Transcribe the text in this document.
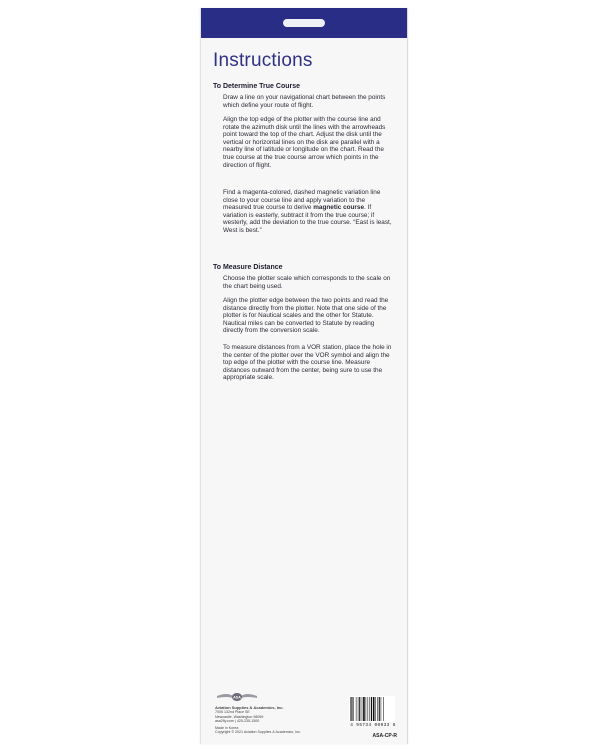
Instructions
To Determine True Course
Draw a line on your navigational chart between the points which define your route of flight.
Align the top edge of the plotter with the course line and rotate the azimuth disk until the lines with the arrowheads point toward the top of the chart. Adjust the disk until the vertical or horizontal lines on the disk are parallel with a nearby line of latitude or longitude on the chart. Read the true course at the true course arrow which points in the direction of flight.
Find a magenta-colored, dashed magnetic variation line close to your course line and apply variation to the measured true course to derive magnetic course. If variation is easterly, subtract it from the true course; if westerly, add the deviation to the true course. “East is least, West is best.”
To Measure Distance
Choose the plotter scale which corresponds to the scale on the chart being used.
Align the plotter edge between the two points and read the distance directly from the plotter. Note that one side of the plotter is for Nautical scales and the other for Statute. Nautical miles can be converted to Statute by reading directly from the conversion scale.
To measure distances from a VOR station, place the hole in the center of the plotter over the VOR symbol and align the top edge of the plotter with the course line. Measure distances outward from the center, being sure to use the appropriate scale.
ASA
Aviation Supplies & Academics, Inc.
7005 132nd Place SE
Newcastle, Washington 98059
asa2fly.com | 425-235-1500
Made in Korea
Copyright © 2021 Aviation Supplies & Academics, Inc.
4 95734 00033 6
ASA-CP-R
